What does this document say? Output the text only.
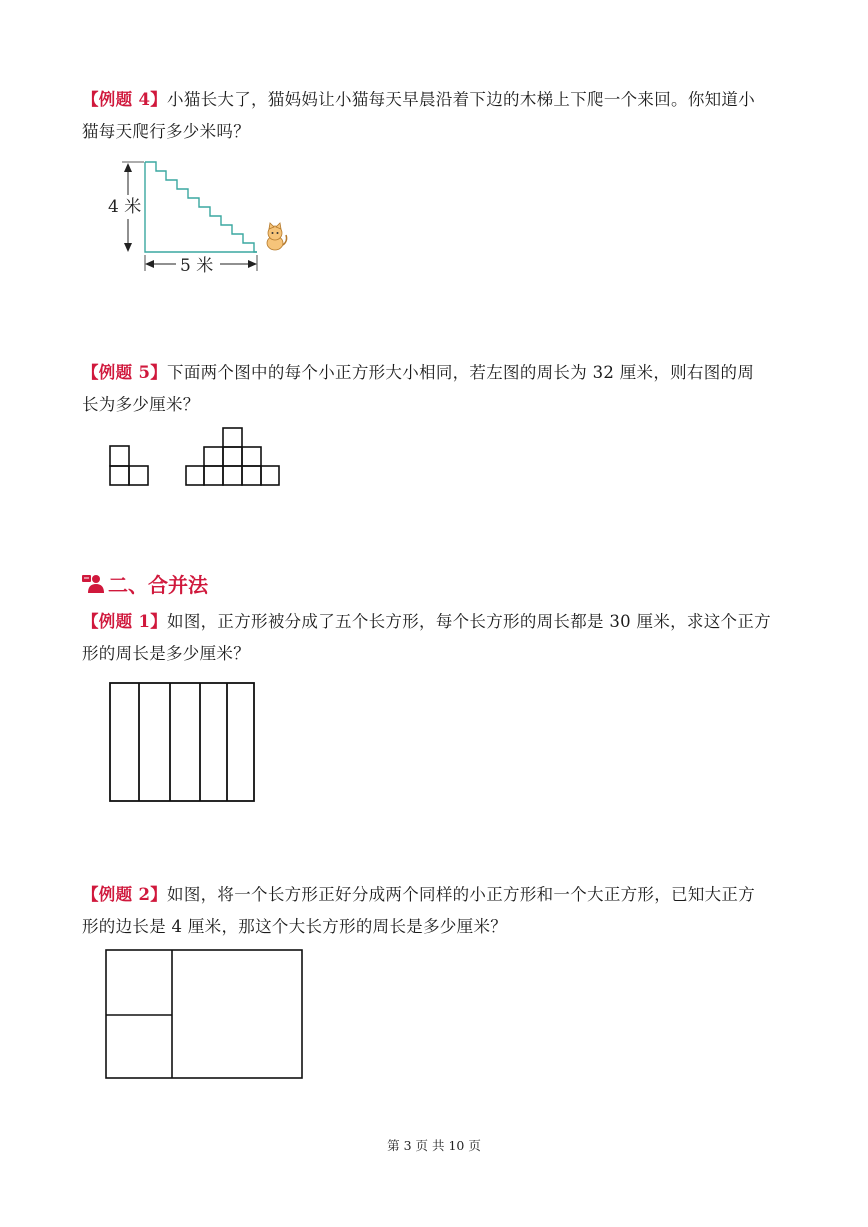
【例题 4】小猫长大了，猫妈妈让小猫每天早晨沿着下边的木梯上下爬一个来回。你知道小
猫每天爬行多少米吗？
4 米
5 米
【例题 5】下面两个图中的每个小正方形大小相同，若左图的周长为 32 厘米，则右图的周
长为多少厘米？
二、合并法
【例题 1】如图，正方形被分成了五个长方形，每个长方形的周长都是 30 厘米，求这个正方
形的周长是多少厘米？
【例题 2】如图，将一个长方形正好分成两个同样的小正方形和一个大正方形，已知大正方
形的边长是 4 厘米，那这个大长方形的周长是多少厘米？
第 3 页 共 10 页
